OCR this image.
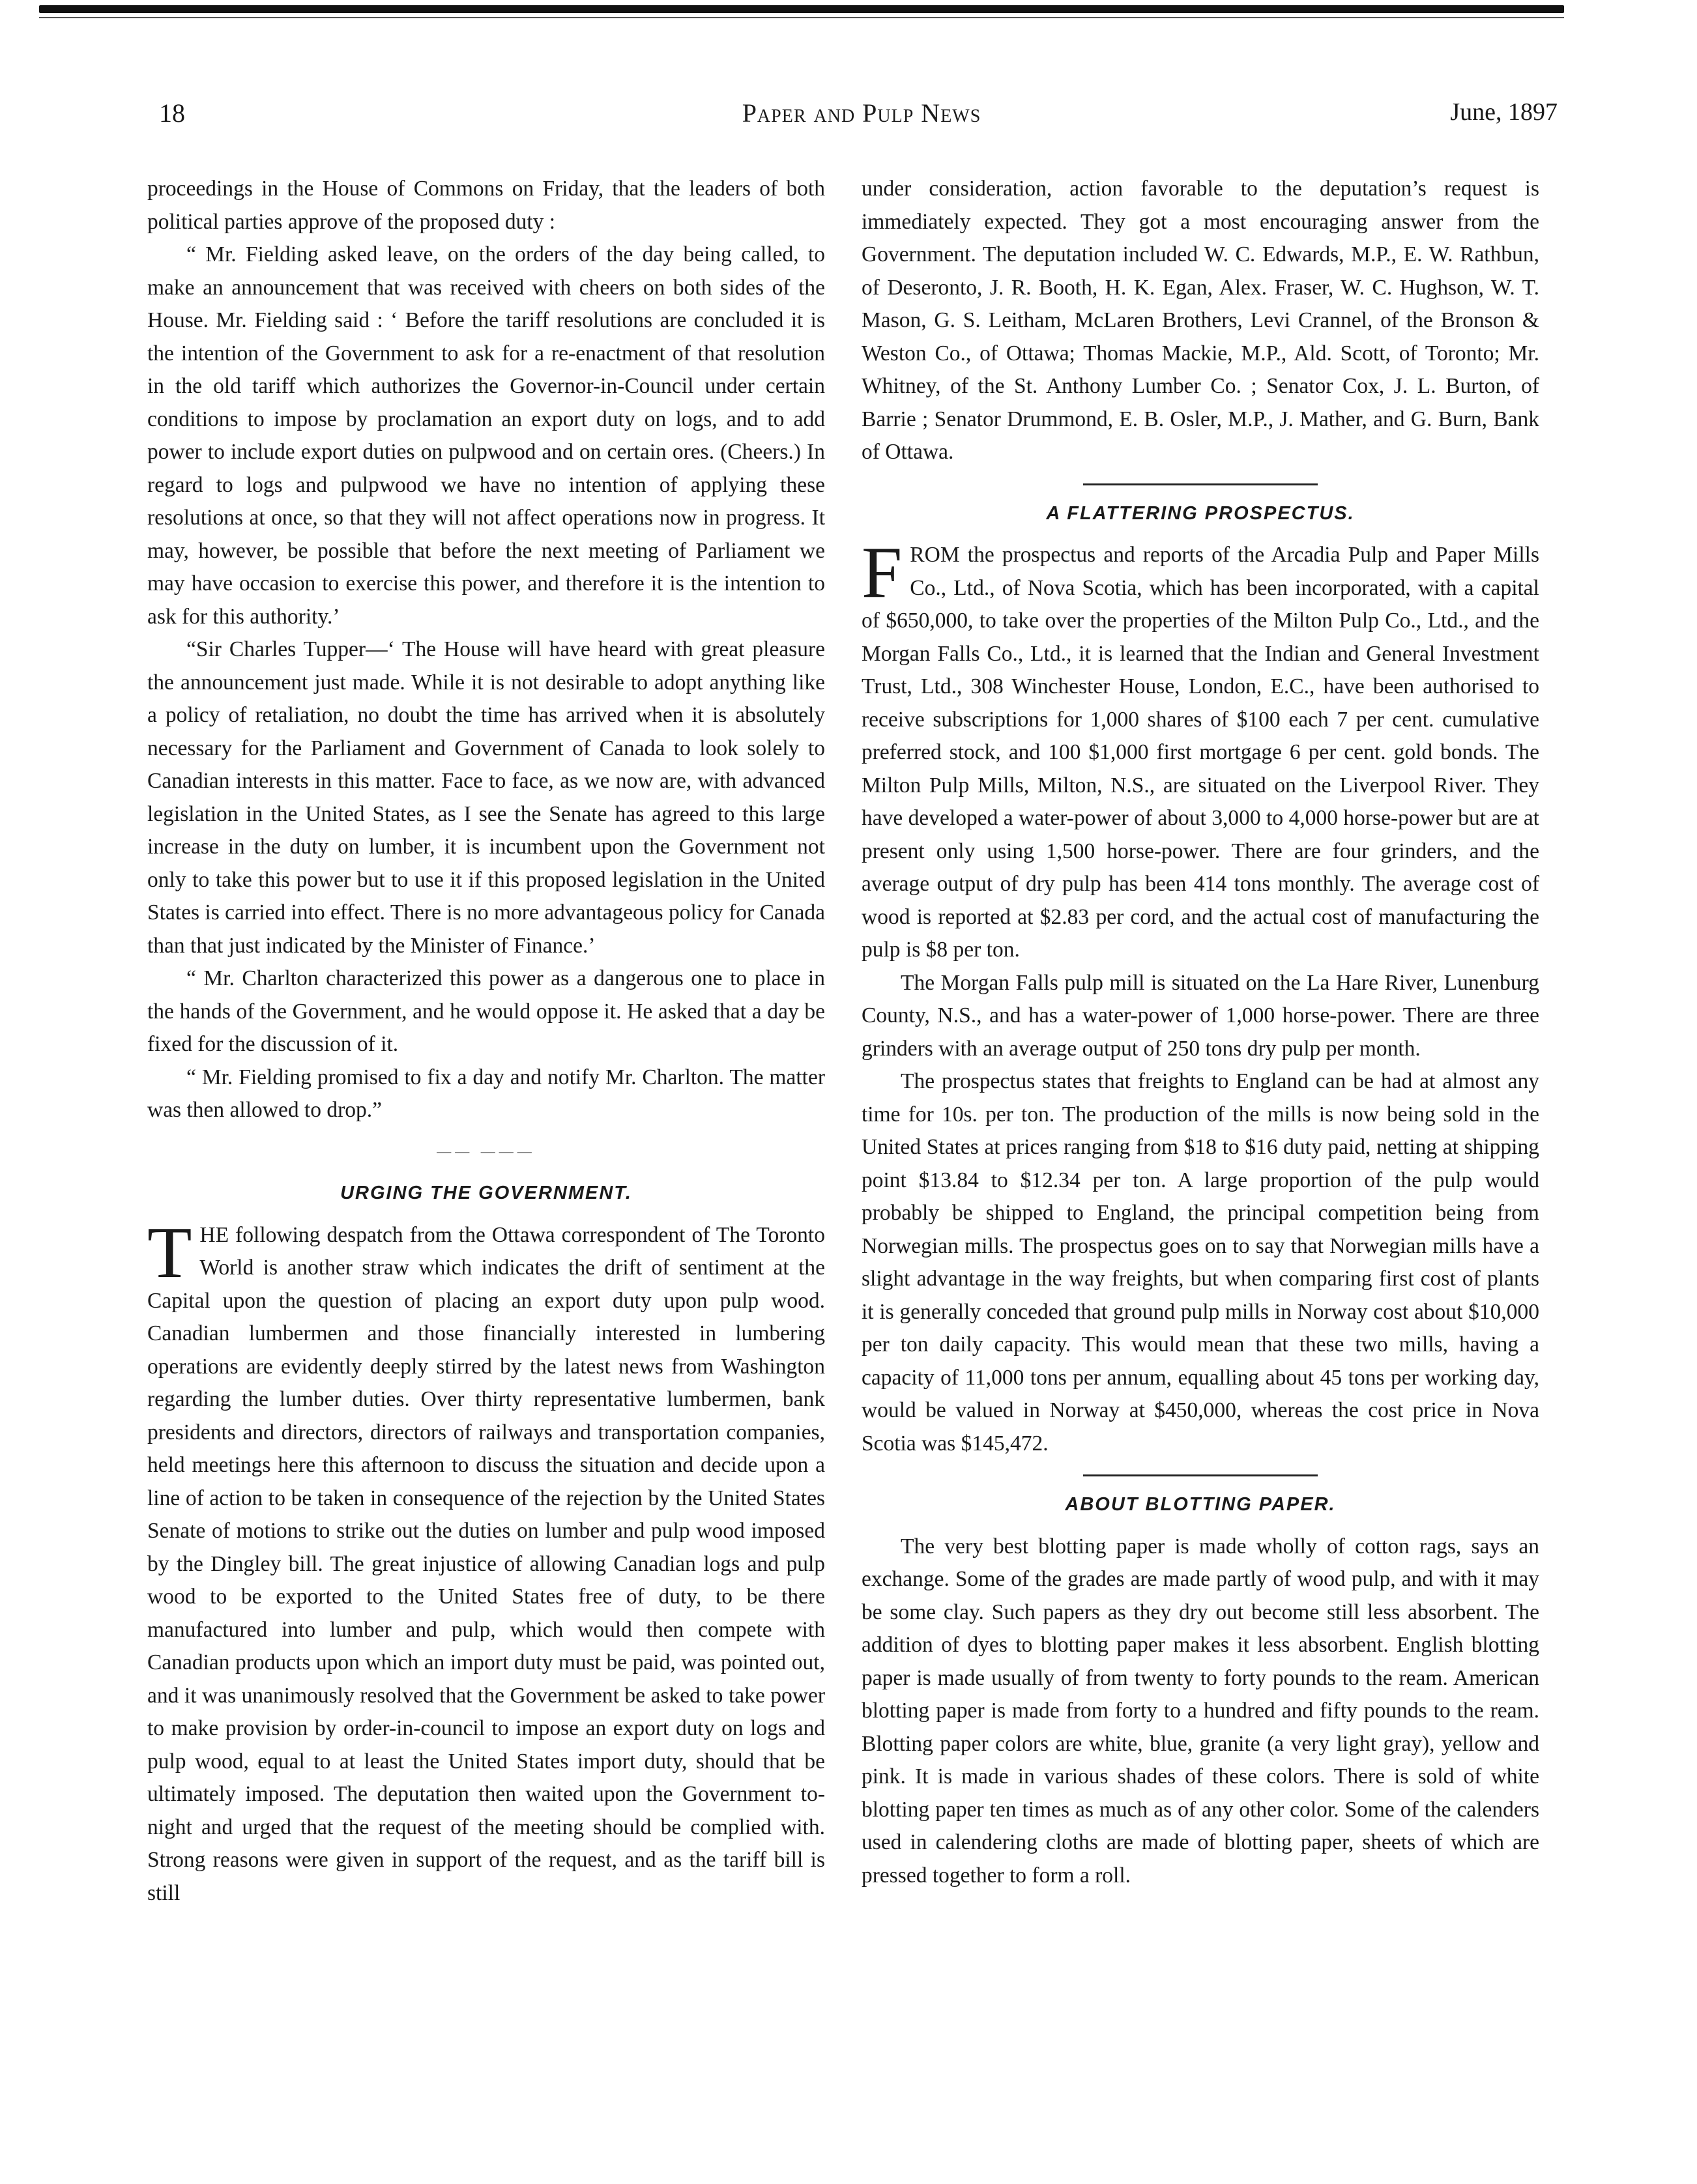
18	Paper and Pulp News	June, 1897

proceedings in the House of Commons on Friday, that the leaders of both political parties approve of the proposed duty :

“ Mr. Fielding asked leave, on the orders of the day being called, to make an announcement that was received with cheers on both sides of the House. Mr. Fielding said : ‘ Before the tariff resolutions are concluded it is the intention of the Government to ask for a re-enactment of that resolution in the old tariff which authorizes the Governor-in-Council under certain conditions to impose by proclamation an export duty on logs, and to add power to include export duties on pulpwood and on certain ores. (Cheers.) In regard to logs and pulpwood we have no intention of applying these resolutions at once, so that they will not affect operations now in progress. It may, however, be possible that before the next meeting of Parliament we may have occasion to exercise this power, and therefore it is the intention to ask for this authority.’

“Sir Charles Tupper—‘ The House will have heard with great pleasure the announcement just made. While it is not desirable to adopt anything like a policy of retaliation, no doubt the time has arrived when it is absolutely necessary for the Parliament and Government of Canada to look solely to Canadian interests in this matter. Face to face, as we now are, with advanced legislation in the United States, as I see the Senate has agreed to this large increase in the duty on lumber, it is incumbent upon the Government not only to take this power but to use it if this proposed legislation in the United States is carried into effect. There is no more advantageous policy for Canada than that just indicated by the Minister of Finance.’

“ Mr. Charlton characterized this power as a dangerous one to place in the hands of the Government, and he would oppose it. He asked that a day be fixed for the discussion of it.

“ Mr. Fielding promised to fix a day and notify Mr. Charlton. The matter was then allowed to drop.”

—— ———
URGING THE GOVERNMENT.

THE following despatch from the Ottawa correspondent of The Toronto World is another straw which indicates the drift of sentiment at the Capital upon the question of placing an export duty upon pulp wood. Canadian lumbermen and those financially interested in lumbering operations are evidently deeply stirred by the latest news from Washington regarding the lumber duties. Over thirty representative lumbermen, bank presidents and directors, directors of railways and transportation companies, held meetings here this afternoon to discuss the situation and decide upon a line of action to be taken in consequence of the rejection by the United States Senate of motions to strike out the duties on lumber and pulp wood imposed by the Dingley bill. The great injustice of allowing Canadian logs and pulp wood to be exported to the United States free of duty, to be there manufactured into lumber and pulp, which would then compete with Canadian products upon which an import duty must be paid, was pointed out, and it was unanimously resolved that the Government be asked to take power to make provision by order-in-council to impose an export duty on logs and pulp wood, equal to at least the United States import duty, should that be ultimately imposed. The deputation then waited upon the Government to-night and urged that the request of the meeting should be complied with. Strong reasons were given in support of the request, and as the tariff bill is still

under consideration, action favorable to the deputation’s request is immediately expected. They got a most encouraging answer from the Government. The deputation included W. C. Edwards, M.P., E. W. Rathbun, of Deseronto, J. R. Booth, H. K. Egan, Alex. Fraser, W. C. Hughson, W. T. Mason, G. S. Leitham, McLaren Brothers, Levi Crannel, of the Bronson & Weston Co., of Ottawa; Thomas Mackie, M.P., Ald. Scott, of Toronto; Mr. Whitney, of the St. Anthony Lumber Co. ; Senator Cox, J. L. Burton, of Barrie ; Senator Drummond, E. B. Osler, M.P., J. Mather, and G. Burn, Bank of Ottawa.

A FLATTERING PROSPECTUS.

FROM the prospectus and reports of the Arcadia Pulp and Paper Mills Co., Ltd., of Nova Scotia, which has been incorporated, with a capital of $650,000, to take over the properties of the Milton Pulp Co., Ltd., and the Morgan Falls Co., Ltd., it is learned that the Indian and General Investment Trust, Ltd., 308 Winchester House, London, E.C., have been authorised to receive subscriptions for 1,000 shares of $100 each 7 per cent. cumulative preferred stock, and 100 $1,000 first mortgage 6 per cent. gold bonds. The Milton Pulp Mills, Milton, N.S., are situated on the Liverpool River. They have developed a water-power of about 3,000 to 4,000 horse-power but are at present only using 1,500 horse-power. There are four grinders, and the average output of dry pulp has been 414 tons monthly. The average cost of wood is reported at $2.83 per cord, and the actual cost of manufacturing the pulp is $8 per ton.

The Morgan Falls pulp mill is situated on the La Hare River, Lunenburg County, N.S., and has a water-power of 1,000 horse-power. There are three grinders with an average output of 250 tons dry pulp per month.

The prospectus states that freights to England can be had at almost any time for 10s. per ton. The production of the mills is now being sold in the United States at prices ranging from $18 to $16 duty paid, netting at shipping point $13.84 to $12.34 per ton. A large proportion of the pulp would probably be shipped to England, the principal competition being from Norwegian mills. The prospectus goes on to say that Norwegian mills have a slight advantage in the way freights, but when comparing first cost of plants it is generally conceded that ground pulp mills in Norway cost about $10,000 per ton daily capacity. This would mean that these two mills, having a capacity of 11,000 tons per annum, equalling about 45 tons per working day, would be valued in Norway at $450,000, whereas the cost price in Nova Scotia was $145,472.

ABOUT BLOTTING PAPER.

The very best blotting paper is made wholly of cotton rags, says an exchange. Some of the grades are made partly of wood pulp, and with it may be some clay. Such papers as they dry out become still less absorbent. The addition of dyes to blotting paper makes it less absorbent. English blotting paper is made usually of from twenty to forty pounds to the ream. American blotting paper is made from forty to a hundred and fifty pounds to the ream. Blotting paper colors are white, blue, granite (a very light gray), yellow and pink. It is made in various shades of these colors. There is sold of white blotting paper ten times as much as of any other color. Some of the calenders used in calendering cloths are made of blotting paper, sheets of which are pressed together to form a roll.
